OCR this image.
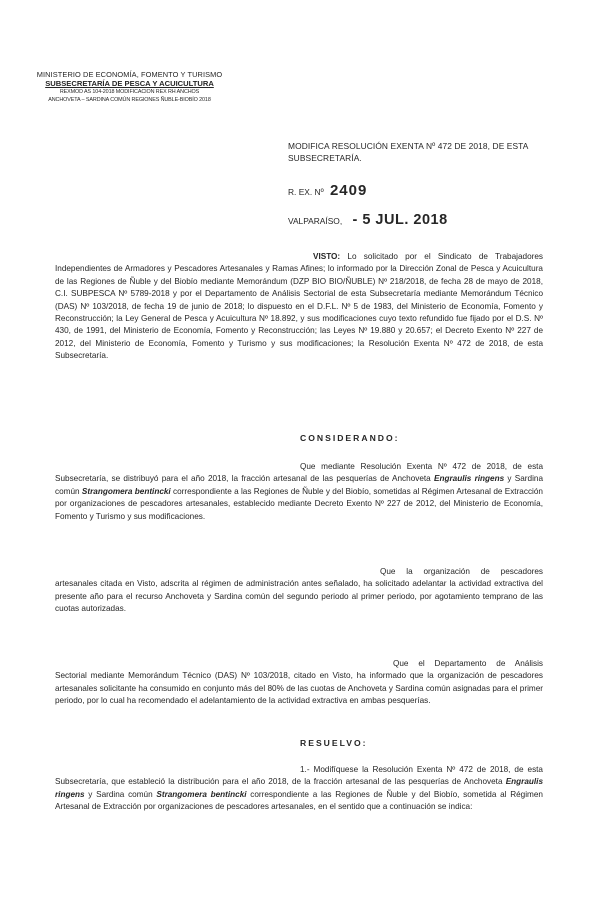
MINISTERIO DE ECONOMÍA, FOMENTO Y TURISMO
SUBSECRETARÍA DE PESCA Y ACUICULTURA
REXMOD AS 104-2018 MODIFICACION REX RH ANCHOS
ANCHOVETA – SARDINA COMÚN REGIONES ÑUBLE-BIOBÍO 2018
MODIFICA RESOLUCIÓN EXENTA Nº 472 DE 2018, DE ESTA SUBSECRETARÍA.
R. EX. Nº 2409
VALPARAÍSO, - 5 JUL. 2018
VISTO: Lo solicitado por el Sindicato de Trabajadores Independientes de Armadores y Pescadores Artesanales y Ramas Afines; lo informado por la Dirección Zonal de Pesca y Acuicultura de las Regiones de Ñuble y del Biobío mediante Memorándum (DZP BIO BIO/ÑUBLE) Nº 218/2018, de fecha 28 de mayo de 2018, C.I. SUBPESCA Nº 5789-2018 y por el Departamento de Análisis Sectorial de esta Subsecretaría mediante Memorándum Técnico (DAS) Nº 103/2018, de fecha 19 de junio de 2018; lo dispuesto en el D.F.L. Nº 5 de 1983, del Ministerio de Economía, Fomento y Reconstrucción; la Ley General de Pesca y Acuicultura Nº 18.892, y sus modificaciones cuyo texto refundido fue fijado por el D.S. Nº 430, de 1991, del Ministerio de Economía, Fomento y Reconstrucción; las Leyes Nº 19.880 y 20.657; el Decreto Exento Nº 227 de 2012, del Ministerio de Economía, Fomento y Turismo y sus modificaciones; la Resolución Exenta Nº 472 de 2018, de esta Subsecretaría.
CONSIDERANDO:
Que mediante Resolución Exenta Nº 472 de 2018, de esta Subsecretaría, se distribuyó para el año 2018, la fracción artesanal de las pesquerías de Anchoveta Engraulis ringens y Sardina común Strangomera bentincki correspondiente a las Regiones de Ñuble y del Biobío, sometidas al Régimen Artesanal de Extracción por organizaciones de pescadores artesanales, establecido mediante Decreto Exento Nº 227 de 2012, del Ministerio de Economía, Fomento y Turismo y sus modificaciones.
Que la organización de pescadores artesanales citada en Visto, adscrita al régimen de administración antes señalado, ha solicitado adelantar la actividad extractiva del presente año para el recurso Anchoveta y Sardina común del segundo periodo al primer periodo, por agotamiento temprano de las cuotas autorizadas.
Que el Departamento de Análisis Sectorial mediante Memorándum Técnico (DAS) Nº 103/2018, citado en Visto, ha informado que la organización de pescadores artesanales solicitante ha consumido en conjunto más del 80% de las cuotas de Anchoveta y Sardina común asignadas para el primer periodo, por lo cual ha recomendado el adelantamiento de la actividad extractiva en ambas pesquerías.
RESUELVO:
1.- Modifíquese la Resolución Exenta Nº 472 de 2018, de esta Subsecretaría, que estableció la distribución para el año 2018, de la fracción artesanal de las pesquerías de Anchoveta Engraulis ringens y Sardina común Strangomera bentincki correspondiente a las Regiones de Ñuble y del Biobío, sometida al Régimen Artesanal de Extracción por organizaciones de pescadores artesanales, en el sentido que a continuación se indica:
